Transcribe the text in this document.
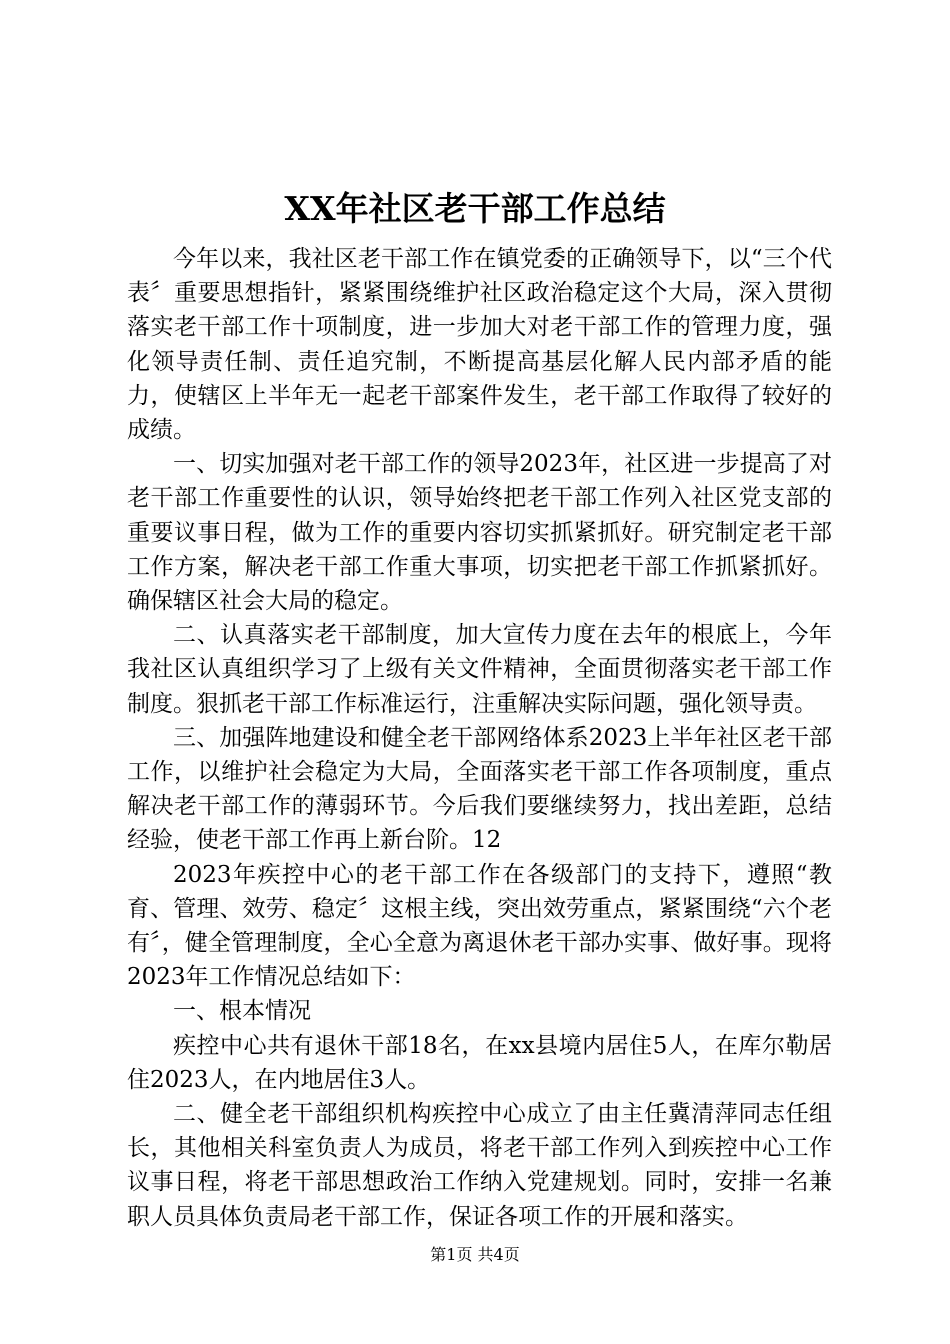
XX年社区老干部工作总结

今年以来，我社区老干部工作在镇党委的正确领导下，以“三个代表〞重要思想指针，紧紧围绕维护社区政治稳定这个大局，深入贯彻落实老干部工作十项制度，进一步加大对老干部工作的管理力度，强化领导责任制、责任追究制，不断提高基层化解人民内部矛盾的能力，使辖区上半年无一起老干部案件发生，老干部工作取得了较好的成绩。

一、切实加强对老干部工作的领导2023年，社区进一步提高了对老干部工作重要性的认识，领导始终把老干部工作列入社区党支部的重要议事日程，做为工作的重要内容切实抓紧抓好。研究制定老干部工作方案，解决老干部工作重大事项，切实把老干部工作抓紧抓好。确保辖区社会大局的稳定。

二、认真落实老干部制度，加大宣传力度在去年的根底上，今年我社区认真组织学习了上级有关文件精神，全面贯彻落实老干部工作制度。狠抓老干部工作标准运行，注重解决实际问题，强化领导责。

三、加强阵地建设和健全老干部网络体系2023上半年社区老干部工作，以维护社会稳定为大局，全面落实老干部工作各项制度，重点解决老干部工作的薄弱环节。今后我们要继续努力，找出差距，总结经验，使老干部工作再上新台阶。12

2023年疾控中心的老干部工作在各级部门的支持下，遵照“教育、管理、效劳、稳定〞这根主线，突出效劳重点，紧紧围绕“六个老有〞，健全管理制度，全心全意为离退休老干部办实事、做好事。现将2023年工作情况总结如下：

一、根本情况

疾控中心共有退休干部18名，在xx县境内居住5人，在库尔勒居住2023人，在内地居住3人。

二、健全老干部组织机构疾控中心成立了由主任冀清萍同志任组长，其他相关科室负责人为成员，将老干部工作列入到疾控中心工作议事日程，将老干部思想政治工作纳入党建规划。同时，安排一名兼职人员具体负责局老干部工作，保证各项工作的开展和落实。

第1页 共4页
